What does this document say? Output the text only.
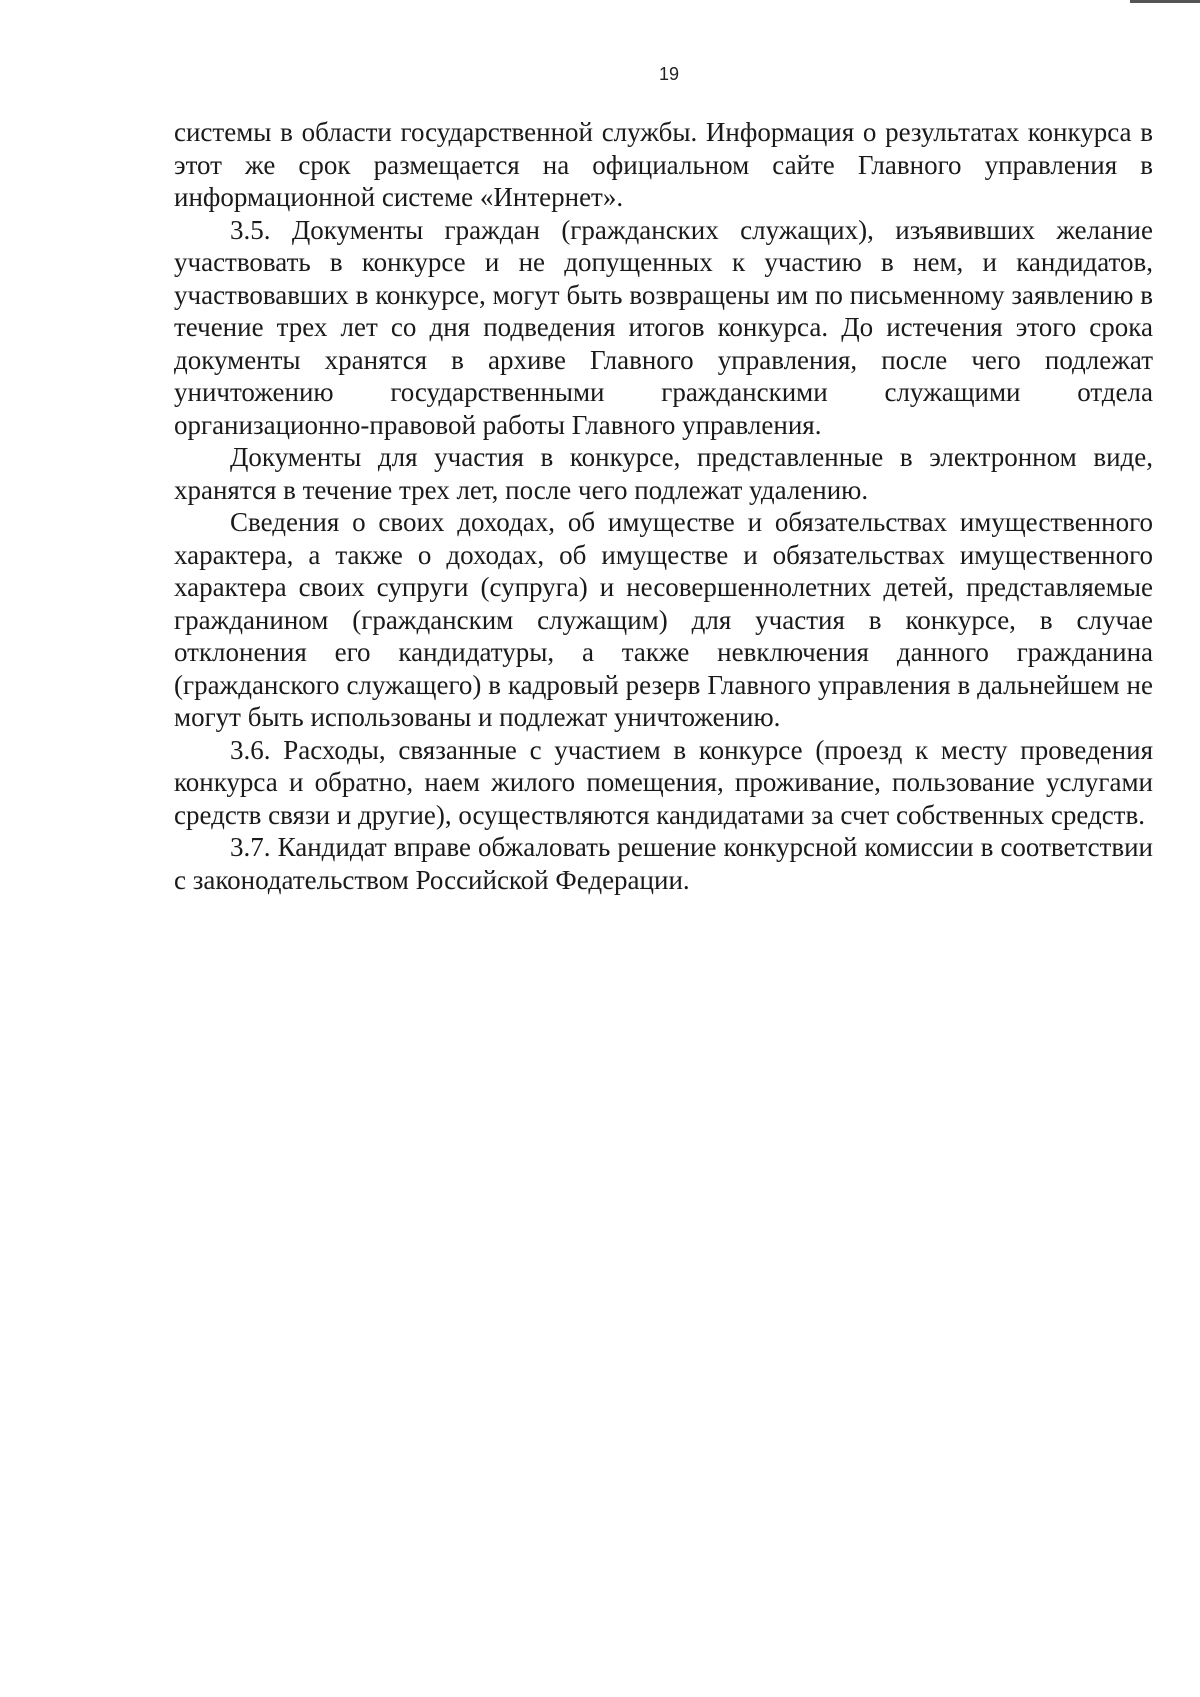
19

системы в области государственной службы. Информация о результатах конкурса в этот же срок размещается на официальном сайте Главного управления в информационной системе «Интернет».

3.5. Документы граждан (гражданских служащих), изъявивших желание участвовать в конкурсе и не допущенных к участию в нем, и кандидатов, участвовавших в конкурсе, могут быть возвращены им по письменному заявлению в течение трех лет со дня подведения итогов конкурса. До истечения этого срока документы хранятся в архиве Главного управления, после чего подлежат уничтожению государственными гражданскими служащими отдела организационно-правовой работы Главного управления.

Документы для участия в конкурсе, представленные в электронном виде, хранятся в течение трех лет, после чего подлежат удалению.

Сведения о своих доходах, об имуществе и обязательствах имущественного характера, а также о доходах, об имуществе и обязательствах имущественного характера своих супруги (супруга) и несовершеннолетних детей, представляемые гражданином (гражданским служащим) для участия в конкурсе, в случае отклонения его кандидатуры, а также невключения данного гражданина (гражданского служащего) в кадровый резерв Главного управления в дальнейшем не могут быть использованы и подлежат уничтожению.

3.6. Расходы, связанные с участием в конкурсе (проезд к месту проведения конкурса и обратно, наем жилого помещения, проживание, пользование услугами средств связи и другие), осуществляются кандидатами за счет собственных средств.

3.7. Кандидат вправе обжаловать решение конкурсной комиссии в соответствии с законодательством Российской Федерации.
